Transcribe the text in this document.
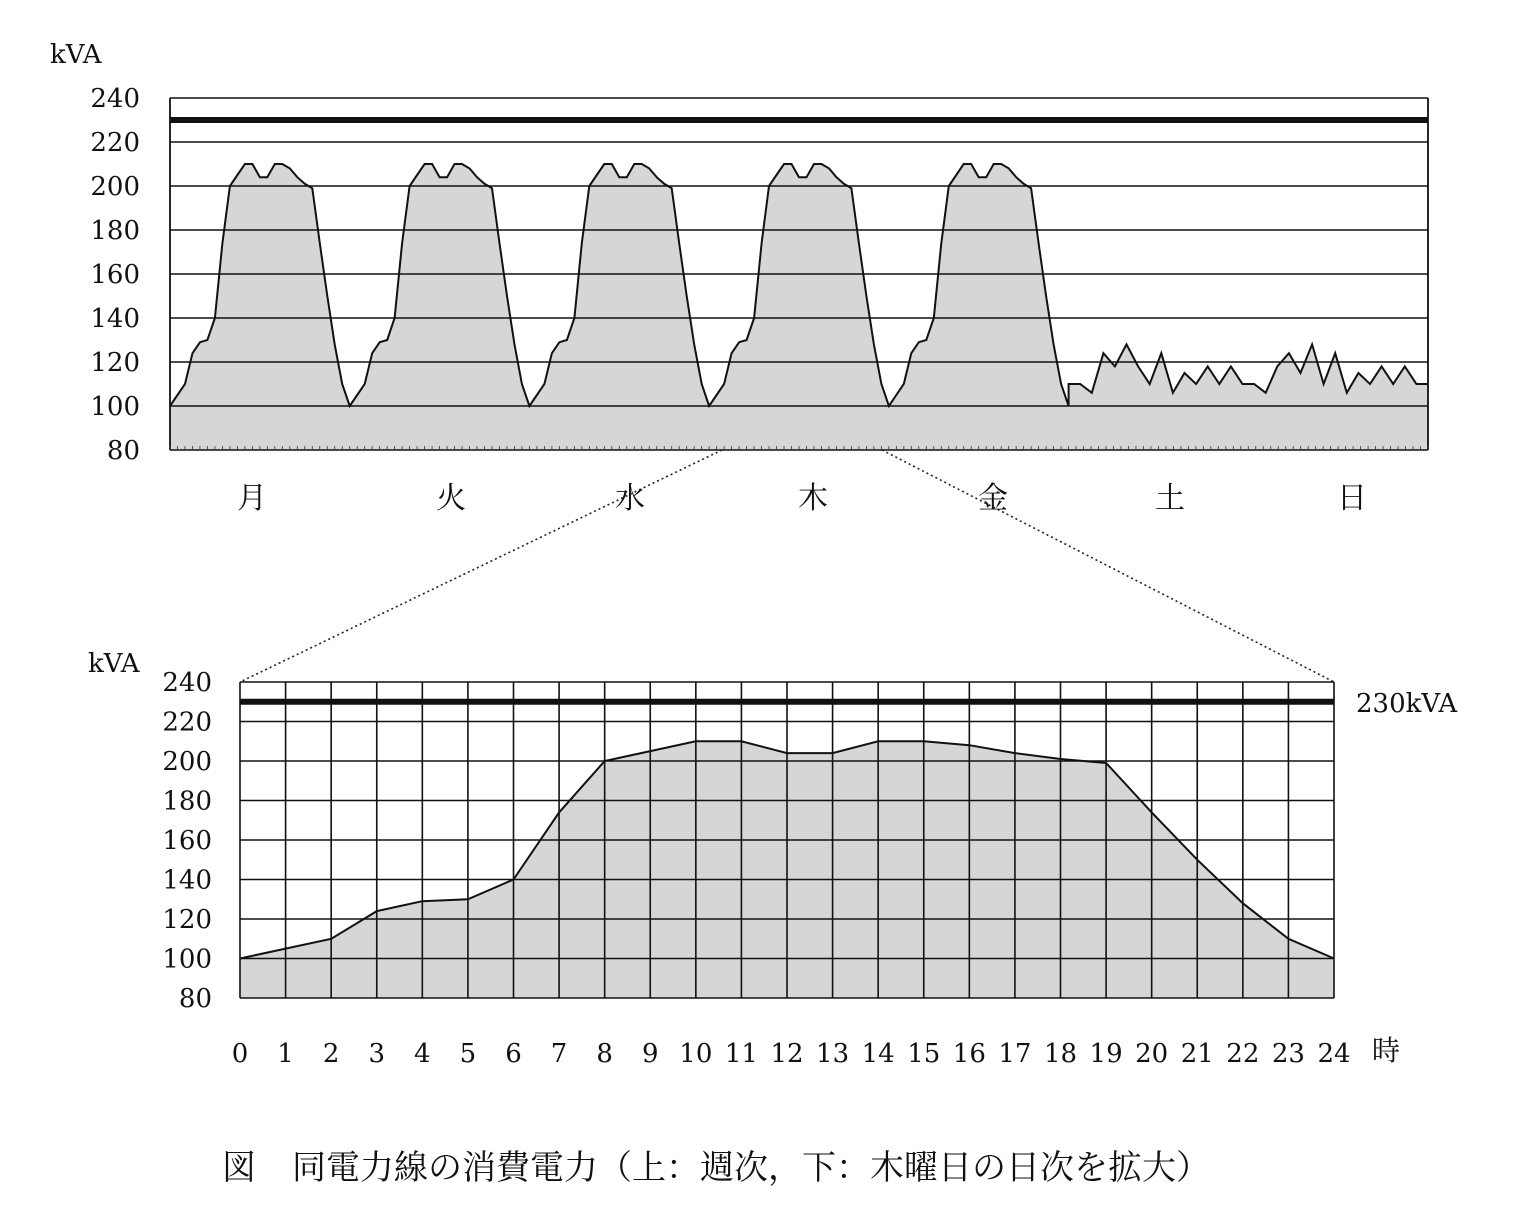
kVA
80
100
120
140
160
180
200
220
240
月	火	水	木	金	土	日
kVA
80
100
120
140
160
180
200
220
240
0 1 2 3 4 5 6 7 8 9 10 11 12 13 14 15 16 17 18 19 20 21 22 23 24 時
230kVA
図 同電力線の消費電力（上：週次，下：木曜日の日次を拡大）
